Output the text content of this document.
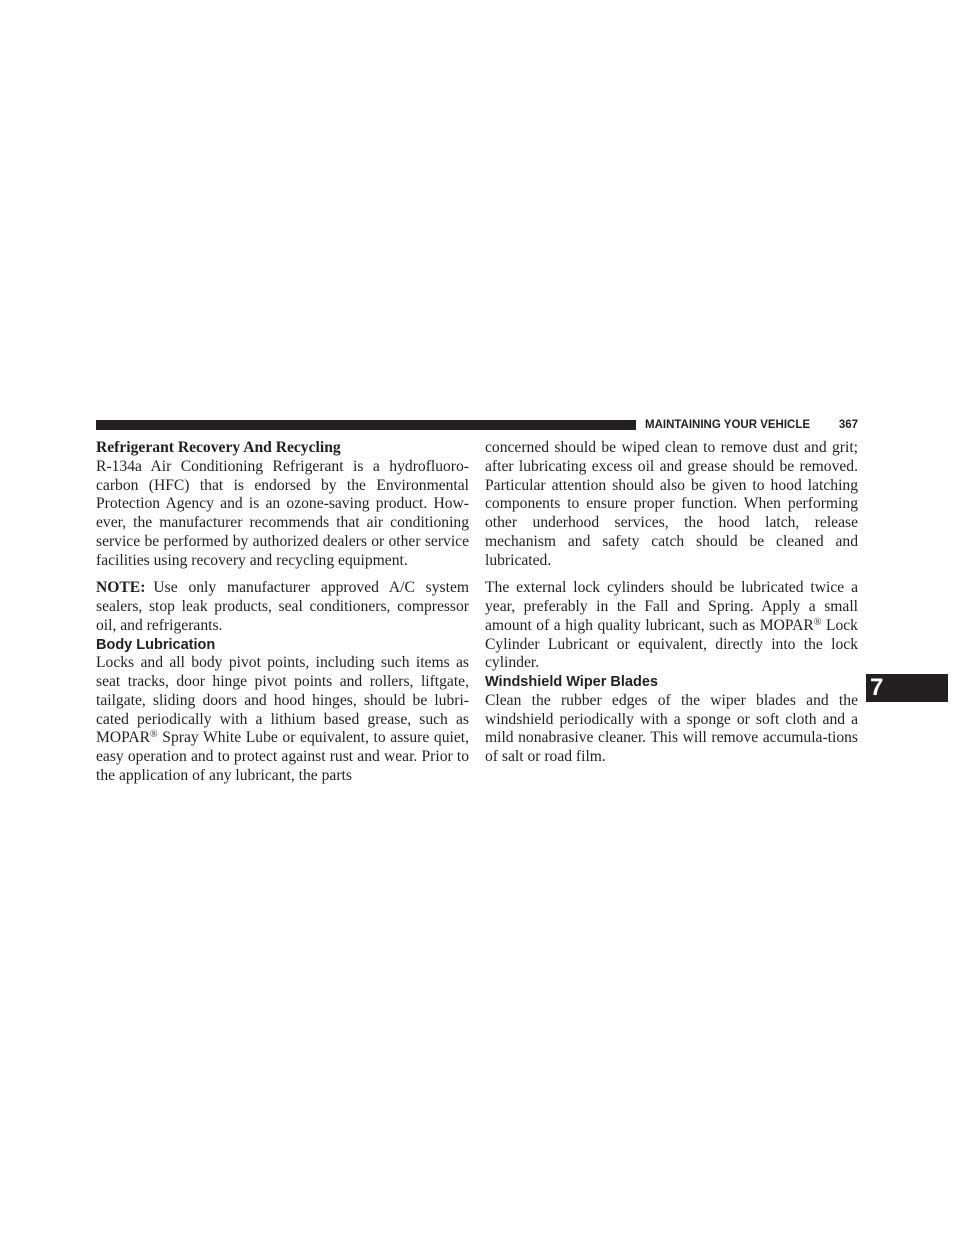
MAINTAINING YOUR VEHICLE	367

Refrigerant Recovery And Recycling

R-134a Air Conditioning Refrigerant is a hydrofluoro-carbon (HFC) that is endorsed by the Environmental Protection Agency and is an ozone-saving product. How-ever, the manufacturer recommends that air conditioning service be performed by authorized dealers or other service facilities using recovery and recycling equipment.

NOTE: Use only manufacturer approved A/C system sealers, stop leak products, seal conditioners, compressor oil, and refrigerants.

Body Lubrication

Locks and all body pivot points, including such items as seat tracks, door hinge pivot points and rollers, liftgate, tailgate, sliding doors and hood hinges, should be lubri-cated periodically with a lithium based grease, such as MOPAR® Spray White Lube or equivalent, to assure quiet, easy operation and to protect against rust and wear. Prior to the application of any lubricant, the parts

concerned should be wiped clean to remove dust and grit; after lubricating excess oil and grease should be removed. Particular attention should also be given to hood latching components to ensure proper function. When performing other underhood services, the hood latch, release mechanism and safety catch should be cleaned and lubricated.

The external lock cylinders should be lubricated twice a year, preferably in the Fall and Spring. Apply a small amount of a high quality lubricant, such as MOPAR® Lock Cylinder Lubricant or equivalent, directly into the lock cylinder.

Windshield Wiper Blades

Clean the rubber edges of the wiper blades and the windshield periodically with a sponge or soft cloth and a mild nonabrasive cleaner. This will remove accumula-tions of salt or road film.

7
